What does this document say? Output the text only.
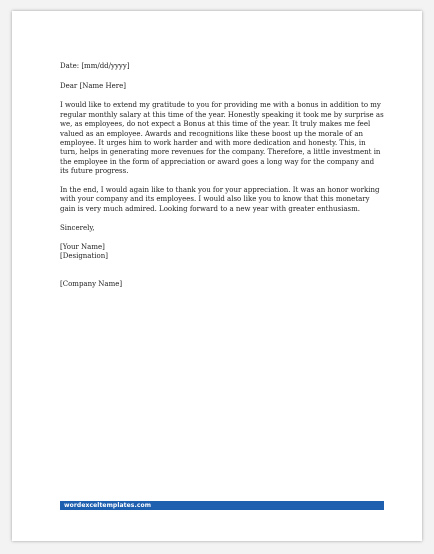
Date: [mm/dd/yyyy]

Dear [Name Here]

I would like to extend my gratitude to you for providing me with a bonus in addition to my regular monthly salary at this time of the year. Honestly speaking it took me by surprise as we, as employees, do not expect a Bonus at this time of the year. It truly makes me feel valued as an employee. Awards and recognitions like these boost up the morale of an employee. It urges him to work harder and with more dedication and honesty. This, in turn, helps in generating more revenues for the company. Therefore, a little investment in the employee in the form of appreciation or award goes a long way for the company and its future progress.

In the end, I would again like to thank you for your appreciation. It was an honor working with your company and its employees. I would also like you to know that this monetary gain is very much admired. Looking forward to a new year with greater enthusiasm.

Sincerely,

[Your Name]

[Designation]

[Company Name]

wordexceltemplates.com
